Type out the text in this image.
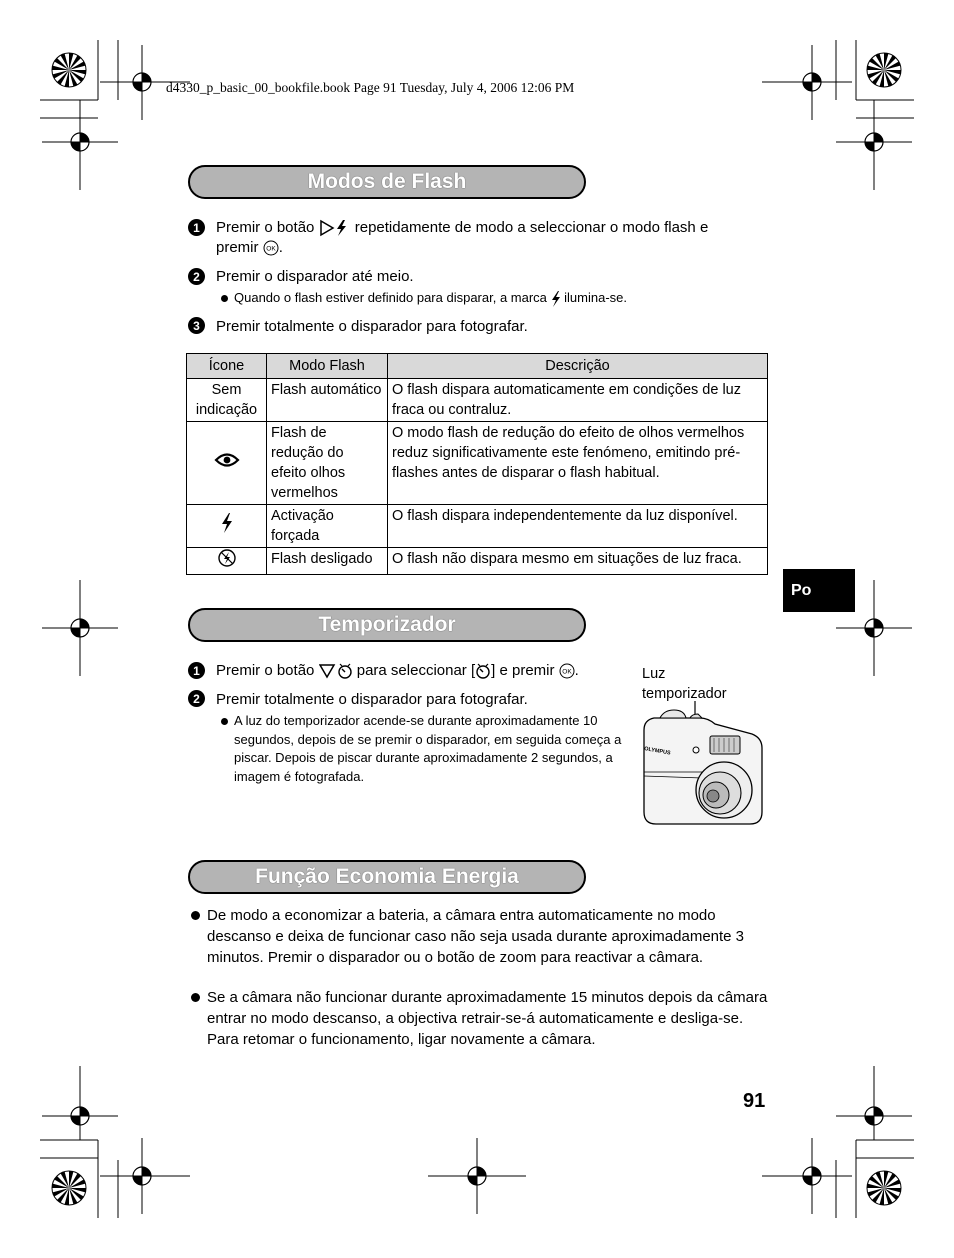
d4330_p_basic_00_bookfile.book Page 91 Tuesday, July 4, 2006 12:06 PM
Modos de Flash
1	Premir o botão	repetidamente de modo a seleccionar o modo flash e
premir OK .
2	Premir o disparador até meio.
Quando o flash estiver definido para disparar, a marca ilumina-se.
3	Premir totalmente o disparador para fotografar.
Ícone	Modo Flash	Descrição
Sem indicação	Flash automático	O flash dispara automaticamente em condições de luz fraca ou contraluz.
	Flash de redução do efeito olhos vermelhos	O modo flash de redução do efeito de olhos vermelhos reduz significativamente este fenómeno, emitindo pré-flashes antes de disparar o flash habitual.
	Activação forçada	O flash dispara independentemente da luz disponível.
	Flash desligado	O flash não dispara mesmo em situações de luz fraca.
Po
Temporizador
1	Premir o botão	para seleccionar [ ] e premir OK .
2	Premir totalmente o disparador para fotografar.
A luz do temporizador acende-se durante aproximadamente 10 segundos, depois de se premir o disparador, em seguida começa a piscar. Depois de piscar durante aproximadamente 2 segundos, a imagem é fotografada.
Luz temporizador
OLYMPUS
Função Economia Energia
De modo a economizar a bateria, a câmara entra automaticamente no modo descanso e deixa de funcionar caso não seja usada durante aproximadamente 3 minutos. Premir o disparador ou o botão de zoom para reactivar a câmara.
Se a câmara não funcionar durante aproximadamente 15 minutos depois da câmara entrar no modo descanso, a objectiva retrair-se-á automaticamente e desliga-se. Para retomar o funcionamento, ligar novamente a câmara.
91
